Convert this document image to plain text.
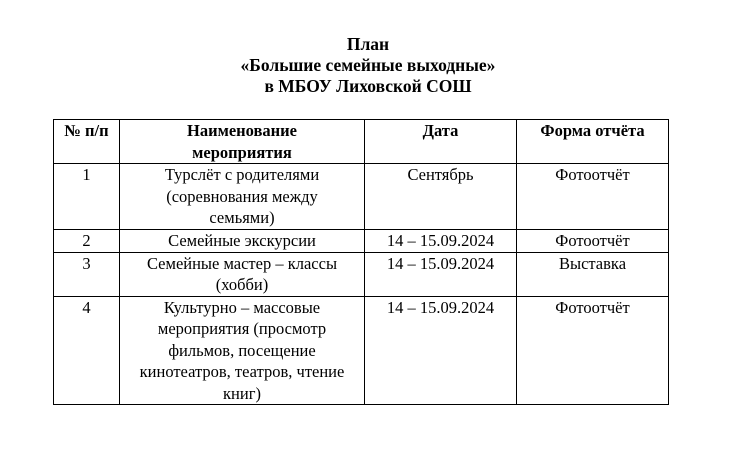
План
«Большие семейные выходные»
в МБОУ Лиховской СОШ
№ п/п	Наименование мероприятия	Дата	Форма отчёта
1	Турслёт с родителями (соревнования между семьями)	Сентябрь	Фотоотчёт
2	Семейные экскурсии	14 – 15.09.2024	Фотоотчёт
3	Семейные мастер – классы (хобби)	14 – 15.09.2024	Выставка
4	Культурно – массовые мероприятия (просмотр фильмов, посещение кинотеатров, театров, чтение книг)	14 – 15.09.2024	Фотоотчёт
